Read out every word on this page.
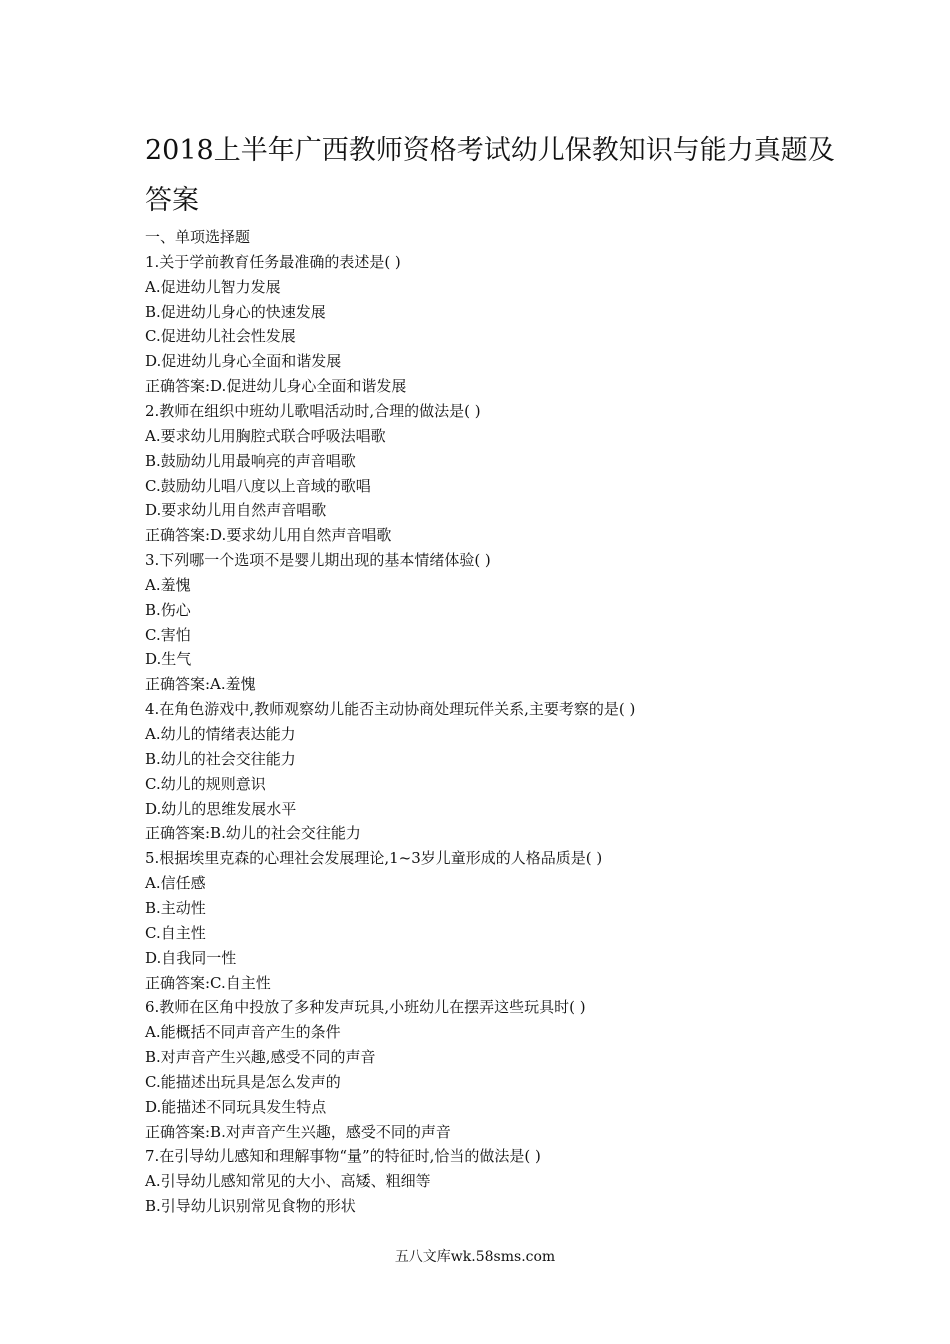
2018上半年广西教师资格考试幼儿保教知识与能力真题及
答案

一、单项选择题

1.关于学前教育任务最准确的表述是( )

A.促进幼儿智力发展

B.促进幼儿身心的快速发展

C.促进幼儿社会性发展

D.促进幼儿身心全面和谐发展

正确答案:D.促进幼儿身心全面和谐发展

2.教师在组织中班幼儿歌唱活动时,合理的做法是( )

A.要求幼儿用胸腔式联合呼吸法唱歌

B.鼓励幼儿用最响亮的声音唱歌

C.鼓励幼儿唱八度以上音域的歌唱

D.要求幼儿用自然声音唱歌

正确答案:D.要求幼儿用自然声音唱歌

3.下列哪一个选项不是婴儿期出现的基本情绪体验( )

A.羞愧

B.伤心

C.害怕

D.生气

正确答案:A.羞愧

4.在角色游戏中,教师观察幼儿能否主动协商处理玩伴关系,主要考察的是( )

A.幼儿的情绪表达能力

B.幼儿的社会交往能力

C.幼儿的规则意识

D.幼儿的思维发展水平

正确答案:B.幼儿的社会交往能力

5.根据埃里克森的心理社会发展理论,1~3岁儿童形成的人格品质是( )

A.信任感

B.主动性

C.自主性

D.自我同一性

正确答案:C.自主性

6.教师在区角中投放了多种发声玩具,小班幼儿在摆弄这些玩具时( )

A.能概括不同声音产生的条件

B.对声音产生兴趣,感受不同的声音

C.能描述出玩具是怎么发声的

D.能描述不同玩具发生特点

正确答案:B.对声音产生兴趣，感受不同的声音

7.在引导幼儿感知和理解事物“量”的特征时,恰当的做法是( )

A.引导幼儿感知常见的大小、高矮、粗细等

B.引导幼儿识别常见食物的形状

五八文库wk.58sms.com
